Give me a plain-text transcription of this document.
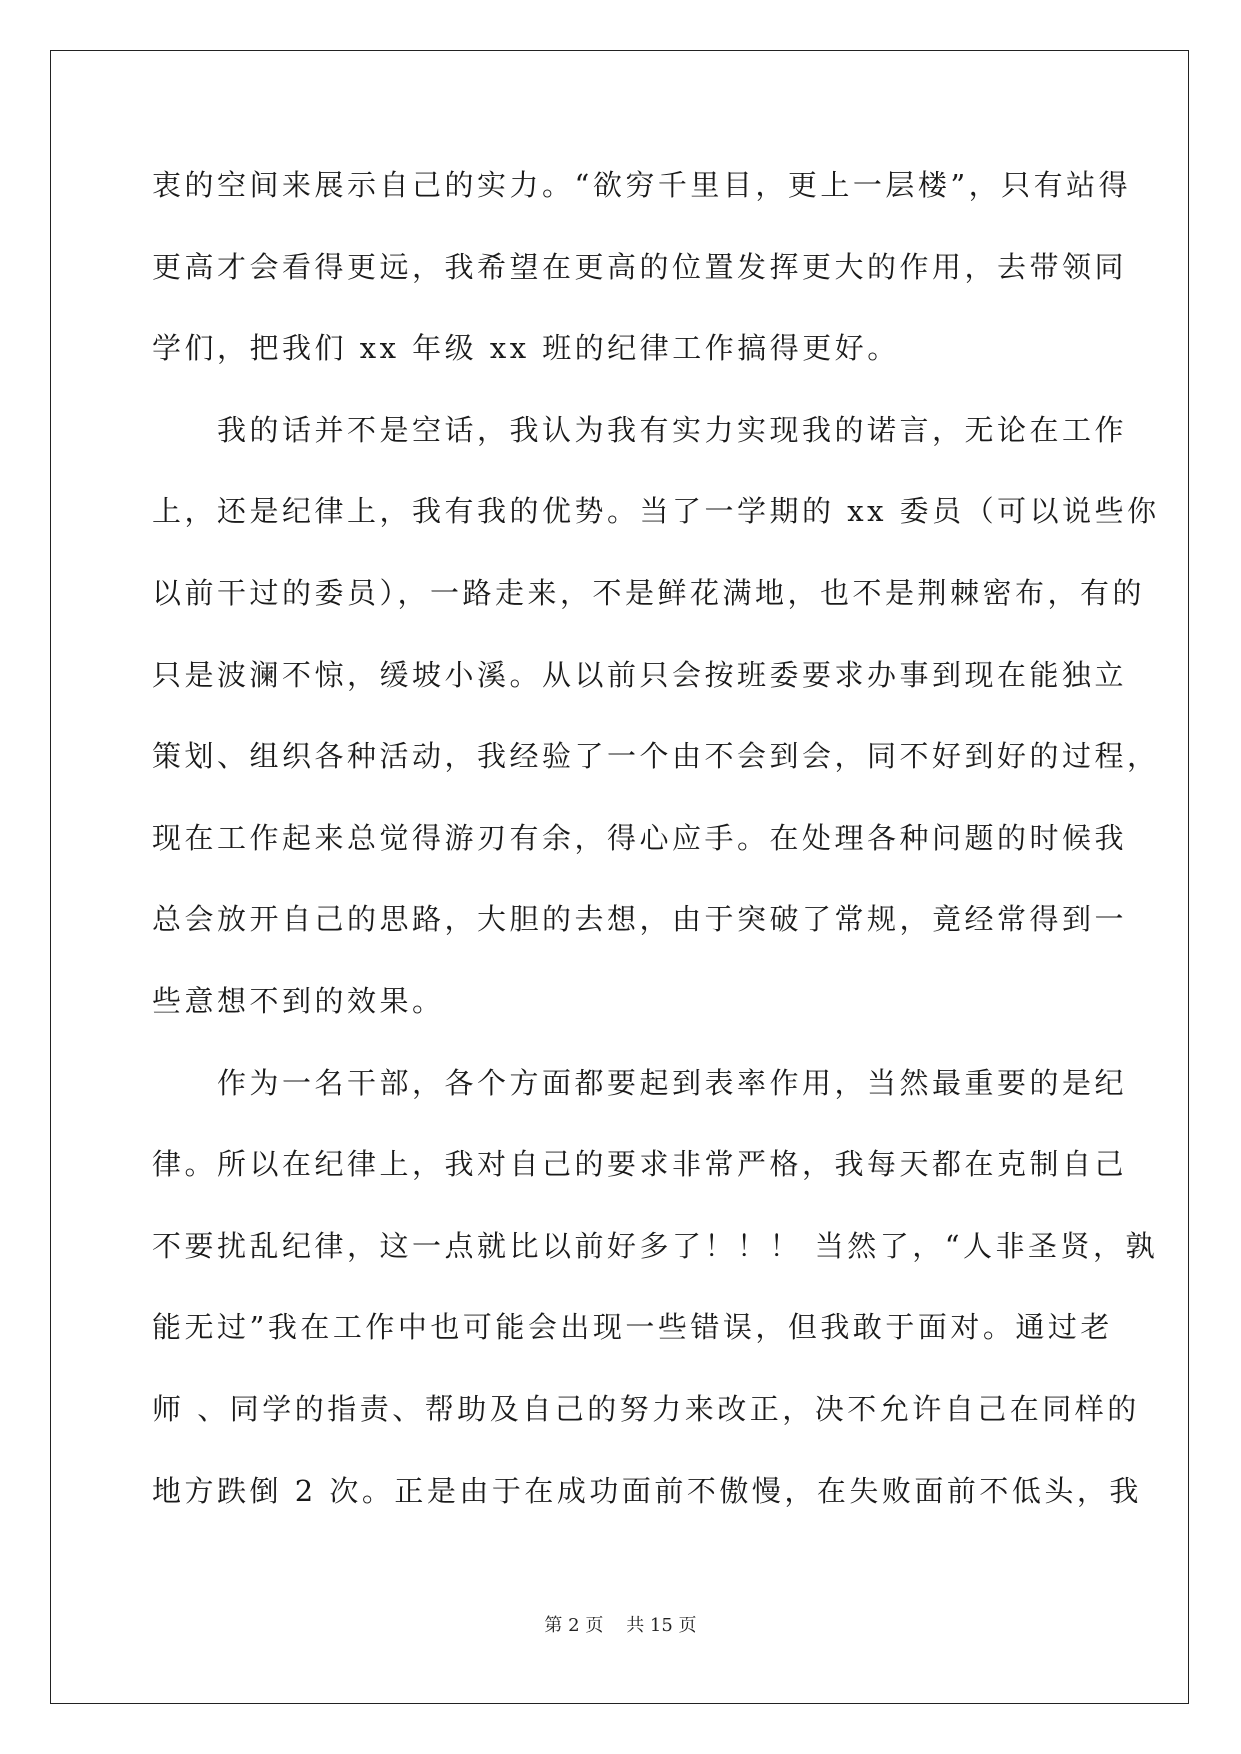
衷的空间来展示自己的实力。“欲穷千里目，更上一层楼”，只有站得
更高才会看得更远，我希望在更高的位置发挥更大的作用，去带领同
学们，把我们 xx 年级 xx 班的纪律工作搞得更好。
　　我的话并不是空话，我认为我有实力实现我的诺言，无论在工作
上，还是纪律上，我有我的优势。当了一学期的 xx 委员（可以说些你
以前干过的委员），一路走来，不是鲜花满地，也不是荆棘密布，有的
只是波澜不惊，缓坡小溪。从以前只会按班委要求办事到现在能独立
策划、组织各种活动，我经验了一个由不会到会，同不好到好的过程，
现在工作起来总觉得游刃有余，得心应手。在处理各种问题的时候我
总会放开自己的思路，大胆的去想，由于突破了常规，竟经常得到一
些意想不到的效果。
　　作为一名干部，各个方面都要起到表率作用，当然最重要的是纪
律。所以在纪律上，我对自己的要求非常严格，我每天都在克制自己
不要扰乱纪律，这一点就比以前好多了！！！ 当然了，“人非圣贤，孰
能无过”我在工作中也可能会出现一些错误，但我敢于面对。通过老
师 、同学的指责、帮助及自己的努力来改正，决不允许自己在同样的
地方跌倒 2 次。正是由于在成功面前不傲慢，在失败面前不低头，我
第 2 页    共 15 页
